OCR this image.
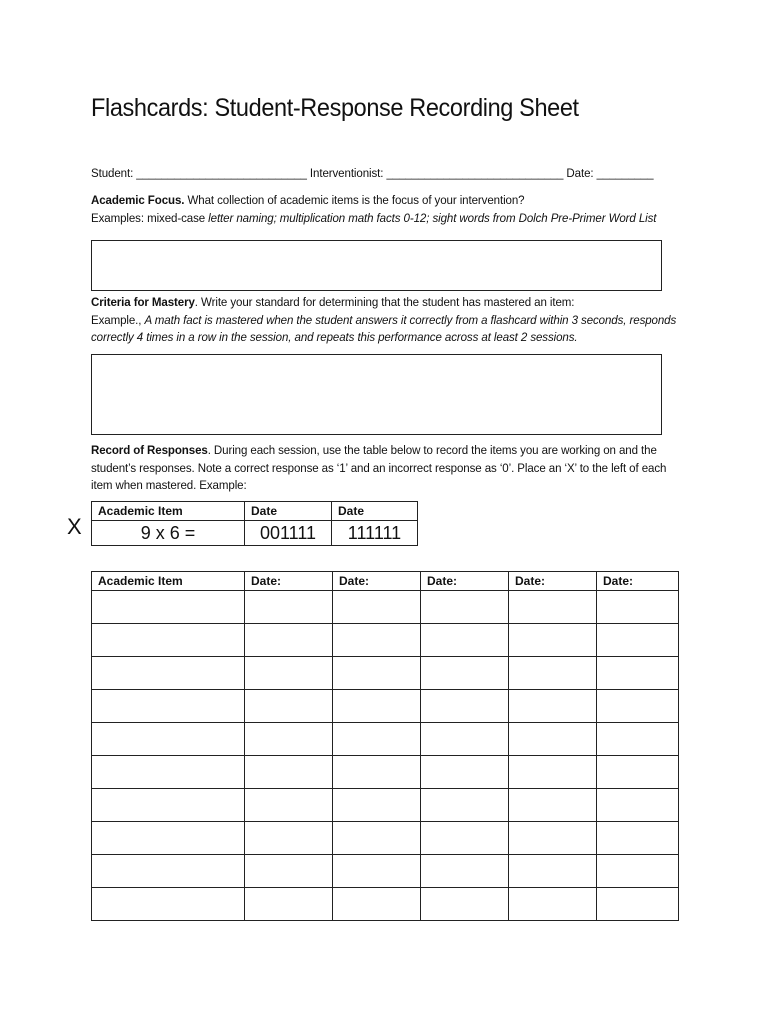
Flashcards: Student-Response Recording Sheet
Student: ___________________________ Interventionist: ____________________________ Date: _________
Academic Focus. What collection of academic items is the focus of your intervention?
Examples: mixed-case letter naming; multiplication math facts 0-12; sight words from Dolch Pre-Primer Word List
Criteria for Mastery. Write your standard for determining that the student has mastered an item:
Example., A math fact is mastered when the student answers it correctly from a flashcard within 3 seconds, responds
correctly 4 times in a row in the session, and repeats this performance across at least 2 sessions.
Record of Responses. During each session, use the table below to record the items you are working on and the
student’s responses. Note a correct response as ‘1’ and an incorrect response as ‘0’. Place an ‘X’ to the left of each
item when mastered. Example:
X
Academic Item	Date	Date
9 x 6 =	001111	111111
Academic Item	Date:	Date:	Date:	Date:	Date:
